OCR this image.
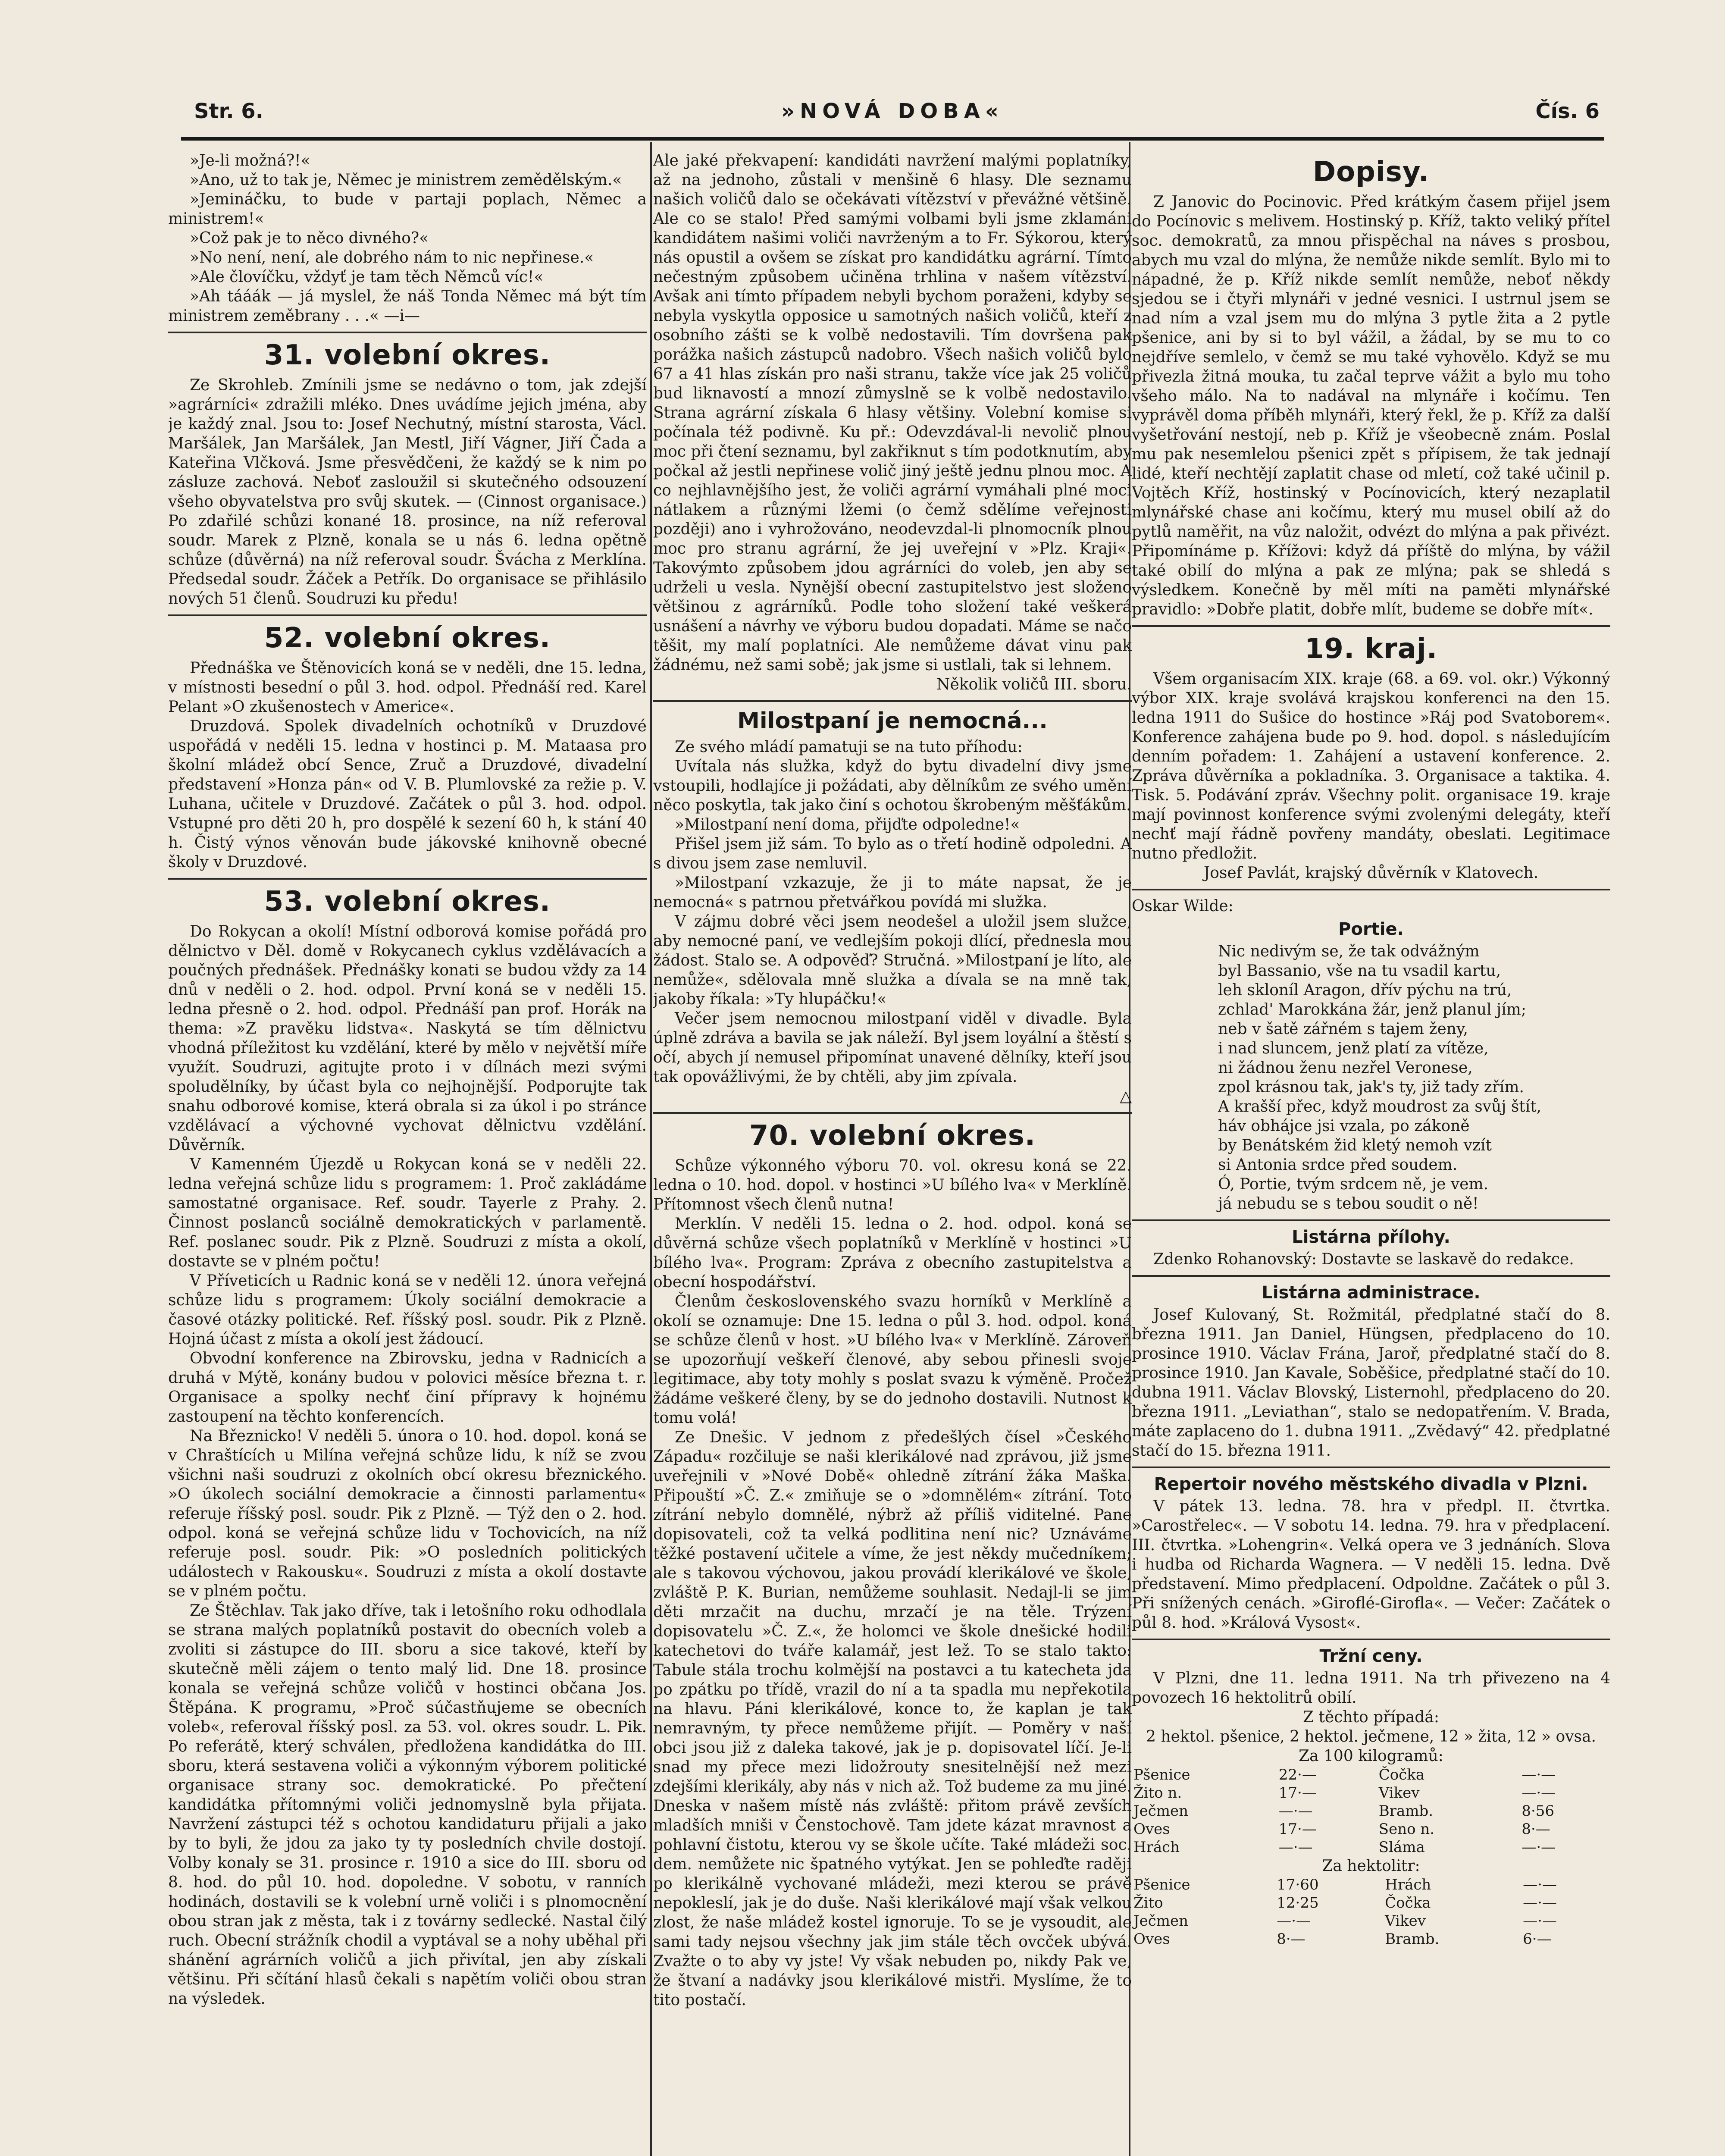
Str. 6.	»NOVÁ DOBA«	Čís. 6

»Je-li možná?!«

»Ano, už to tak je, Němec je ministrem zemědělským.«

»Jemináčku, to bude v partaji poplach, Němec a ministrem!«

»Což pak je to něco divného?«

»No není, není, ale dobrého nám to nic nepřinese.«

»Ale človíčku, vždyť je tam těch Němců víc!«

»Ah tááák — já myslel, že náš Tonda Němec má být tím ministrem zeměbrany . . .« —i—

31. volební okres.

Ze Skrohleb. Zmínili jsme se nedávno o tom, jak zdejší »agrárníci« zdražili mléko. Dnes uvádíme jejich jména, aby je každý znal. Jsou to: Josef Nechutný, místní starosta, Václ. Maršálek, Jan Maršálek, Jan Mestl, Jiří Vágner, Jiří Čada a Kateřina Vlčková. Jsme přesvědčeni, že každý se k nim po zásluze zachová. Neboť zasloužil si skutečného odsouzení všeho obyvatelstva pro svůj skutek. — (Cinnost organisace.) Po zdařilé schůzi konané 18. prosince, na níž referoval soudr. Marek z Plzně, konala se u nás 6. ledna opětně schůze (důvěrná) na níž referoval soudr. Švácha z Merklína. Předsedal soudr. Žáček a Petřík. Do organisace se přihlásilo nových 51 členů. Soudruzi ku předu!

52. volební okres.

Přednáška ve Štěnovicích koná se v neděli, dne 15. ledna, v místnosti besední o půl 3. hod. odpol. Přednáší red. Karel Pelant »O zkušenostech v Americe«.

Druzdová. Spolek divadelních ochotníků v Druzdové uspořádá v neděli 15. ledna v hostinci p. M. Mataasa pro školní mládež obcí Sence, Zruč a Druzdové, divadelní představení »Honza pán« od V. B. Plumlovské za režie p. V. Luhana, učitele v Druzdové. Začátek o půl 3. hod. odpol. Vstupné pro děti 20 h, pro dospělé k sezení 60 h, k stání 40 h. Čistý výnos věnován bude jákovské knihovně obecné školy v Druzdové.

53. volební okres.

Do Rokycan a okolí! Místní odborová komise pořádá pro dělnictvo v Děl. domě v Rokycanech cyklus vzdělávacích a poučných přednášek. Přednášky konati se budou vždy za 14 dnů v neděli o 2. hod. odpol. První koná se v neděli 15. ledna přesně o 2. hod. odpol. Přednáší pan prof. Horák na thema: »Z pravěku lidstva«. Naskytá se tím dělnictvu vhodná příležitost ku vzdělání, které by mělo v největší míře využít. Soudruzi, agitujte proto i v dílnách mezi svými spoludělníky, by účast byla co nejhojnější. Podporujte tak snahu odborové komise, která obrala si za úkol i po stránce vzdělávací a výchovné vychovat dělnictvu vzdělání. Důvěrník.

V Kamenném Újezdě u Rokycan koná se v neděli 22. ledna veřejná schůze lidu s programem: 1. Proč zakládáme samostatné organisace. Ref. soudr. Tayerle z Prahy. 2. Činnost poslanců sociálně demokratických v parlamentě. Ref. poslanec soudr. Pik z Plzně. Soudruzi z místa a okolí, dostavte se v plném počtu!

V Příveticích u Radnic koná se v neděli 12. února veřejná schůze lidu s programem: Úkoly sociální demokracie a časové otázky politické. Ref. říšský posl. soudr. Pik z Plzně. Hojná účast z místa a okolí jest žádoucí.

Obvodní konference na Zbirovsku, jedna v Radnicích a druhá v Mýtě, konány budou v polovici měsíce března t. r. Organisace a spolky nechť činí přípravy k hojnému zastoupení na těchto konferencích.

Na Březnicko! V neděli 5. února o 10. hod. dopol. koná se v Chraštících u Milína veřejná schůze lidu, k níž se zvou všichni naši soudruzi z okolních obcí okresu březnického. »O úkolech sociální demokracie a činnosti parlamentu« referuje říšský posl. soudr. Pik z Plzně. — Týž den o 2. hod. odpol. koná se veřejná schůze lidu v Tochovicích, na níž referuje posl. soudr. Pik: »O posledních politických událostech v Rakousku«. Soudruzi z místa a okolí dostavte se v plném počtu.

Ze Štěchlav. Tak jako dříve, tak i letošního roku odhodlala se strana malých poplatníků postavit do obecních voleb a zvoliti si zástupce do III. sboru a sice takové, kteří by skutečně měli zájem o tento malý lid. Dne 18. prosince konala se veřejná schůze voličů v hostinci občana Jos. Štěpána. K programu, »Proč súčastňujeme se obecních voleb«, referoval říšský posl. za 53. vol. okres soudr. L. Pik. Po referátě, který schválen, předložena kandidátka do III. sboru, která sestavena voliči a výkonným výborem politické organisace strany soc. demokratické. Po přečtení kandidátka přítomnými voliči jednomyslně byla přijata. Navržení zástupci též s ochotou kandidaturu přijali a jako by to byli, že jdou za jako ty ty posledních chvile dostojí. Volby konaly se 31. prosince r. 1910 a sice do III. sboru od 8. hod. do půl 10. hod. dopoledne. V sobotu, v ranních hodinách, dostavili se k volební urně voliči i s plnomocnění obou stran jak z města, tak i z továrny sedlecké. Nastal čilý ruch. Obecní strážník chodil a vyptával se a nohy uběhal při shánění agrárních voličů a jich přivítal, jen aby získali většinu. Při sčítání hlasů čekali s napětím voliči obou stran na výsledek.

Ale jaké překvapení: kandidáti navržení malými poplatníky, až na jednoho, zůstali v menšině 6 hlasy. Dle seznamu našich voličů dalo se očekávati vítězství v převážné většině. Ale co se stalo! Před samými volbami byli jsme zklamáni kandidátem našimi voliči navrženým a to Fr. Sýkorou, který nás opustil a ovšem se získat pro kandidátku agrární. Tímto nečestným způsobem učiněna trhlina v našem vítězství. Avšak ani tímto případem nebyli bychom poraženi, kdyby se nebyla vyskytla opposice u samotných našich voličů, kteří z osobního zášti se k volbě nedostavili. Tím dovršena pak porážka našich zástupců nadobro. Všech našich voličů bylo 67 a 41 hlas získán pro naši stranu, takže více jak 25 voličů bud liknavostí a mnozí zůmyslně se k volbě nedostavilo. Strana agrární získala 6 hlasy většiny. Volební komise si počínala též podivně. Ku př.: Odevzdával-li nevolič plnou moc při čtení seznamu, byl zakřiknut s tím podotknutím, aby počkal až jestli nepřinese volič jiný ještě jednu plnou moc. A co nejhlavnějšího jest, že voliči agrární vymáhali plné moci nátlakem a různými lžemi (o čemž sdělíme veřejnosti později) ano i vyhrožováno, neodevzdal-li plnomocník plnou moc pro stranu agrární, že jej uveřejní v »Plz. Kraji«. Takovýmto způsobem jdou agrárníci do voleb, jen aby se udrželi u vesla. Nynější obecní zastupitelstvo jest složeno většinou z agrárníků. Podle toho složení také veškerá usnášení a návrhy ve výboru budou dopadati. Máme se načo těšit, my malí poplatníci. Ale nemůžeme dávat vinu pak žádnému, než sami sobě; jak jsme si ustlali, tak si lehnem.

Několik voličů III. sboru.

Milostpaní je nemocná...

Ze svého mládí pamatuji se na tuto příhodu:

Uvítala nás služka, když do bytu divadelní divy jsme vstoupili, hodlajíce ji požádati, aby dělníkům ze svého umění něco poskytla, tak jako činí s ochotou škrobeným měšťákům.

»Milostpaní není doma, přijďte odpoledne!«

Přišel jsem již sám. To bylo as o třetí hodině odpoledni. A s divou jsem zase nemluvil.

»Milostpaní vzkazuje, že ji to máte napsat, že je nemocná« s patrnou přetvářkou povídá mi služka.

V zájmu dobré věci jsem neodešel a uložil jsem služce, aby nemocné paní, ve vedlejším pokoji dlící, přednesla mou žádost. Stalo se. A odpověď? Stručná. »Milostpaní je líto, ale nemůže«, sdělovala mně služka a dívala se na mně tak, jakoby říkala: »Ty hlupáčku!«

Večer jsem nemocnou milostpaní viděl v divadle. Byla úplně zdráva a bavila se jak náleží. Byl jsem loyální a štěstí s očí, abych jí nemusel připomínat unavené dělníky, kteří jsou tak opovážlivými, že by chtěli, aby jim zpívala.

△

70. volební okres.

Schůze výkonného výboru 70. vol. okresu koná se 22. ledna o 10. hod. dopol. v hostinci »U bílého lva« v Merklíně. Přítomnost všech členů nutna!

Merklín. V neděli 15. ledna o 2. hod. odpol. koná se důvěrná schůze všech poplatníků v Merklíně v hostinci »U bílého lva«. Program: Zpráva z obecního zastupitelstva a obecní hospodářství.

Členům československého svazu horníků v Merklíně a okolí se oznamuje: Dne 15. ledna o půl 3. hod. odpol. koná se schůze členů v host. »U bílého lva« v Merklíně. Zároveň se upozorňují veškeří členové, aby sebou přinesli svoje legitimace, aby toty mohly s poslat svazu k výměně. Pročež žádáme veškeré členy, by se do jednoho dostavili. Nutnost k tomu volá!

Ze Dnešic. V jednom z předešlých čísel »Českého Západu« rozčiluje se naši klerikálové nad zprávou, již jsme uveřejnili v »Nové Době« ohledně zítrání žáka Maška. Připouští »Č. Z.« zmiňuje se o »domnělém« zítrání. Toto zítrání nebylo domnělé, nýbrž až příliš viditelné. Pane dopisovateli, což ta velká podlitina není nic? Uznáváme těžké postavení učitele a víme, že jest někdy mučedníkem; ale s takovou výchovou, jakou provádí klerikálové ve škole, zvláště P. K. Burian, nemůžeme souhlasit. Nedajl-li se jim děti mrzačit na duchu, mrzačí je na těle. Trýzení dopisovatelu »Č. Z.«, že holomci ve škole dnešické hodili katechetovi do tváře kalamář, jest lež. To se stalo takto: Tabule stála trochu kolmější na postavci a tu katecheta jda po zpátku po třídě, vrazil do ní a ta spadla mu nepřekotila na hlavu. Páni klerikálové, konce to, že kaplan je tak nemravným, ty přece nemůžeme přijít. — Poměry v naší obci jsou již z daleka takové, jak je p. dopisovatel líčí. Je-li snad my přece mezi lidožrouty snesitelnější než mezi zdejšími klerikály, aby nás v nich až. Tož budeme za mu jiné. Dneska v našem místě nás zvláště: přitom právě zevších mladších mniši v Čenstochově. Tam jdete kázat mravnost a pohlavní čistotu, kterou vy se škole učíte. Také mládeži soc. dem. nemůžete nic špatného vytýkat. Jen se pohleďte raději po klerikálně vychované mládeži, mezi kterou se právě nepokleslí, jak je do duše. Naši klerikálové mají však velkou zlost, že naše mládež kostel ignoruje. To se je vysoudit, ale sami tady nejsou všechny jak jim stále těch ovcček ubývá. Zvažte o to aby vy jste! Vy však nebuden po, nikdy Pak ve, že štvaní a nadávky jsou klerikálové mistři. Myslíme, že to tito postačí.

Dopisy.

Z Janovic do Pocinovic. Před krátkým časem přijel jsem do Pocínovic s melivem. Hostinský p. Kříž, takto veliký přítel soc. demokratů, za mnou přispěchal na náves s prosbou, abych mu vzal do mlýna, že nemůže nikde semlít. Bylo mi to nápadné, že p. Kříž nikde semlít nemůže, neboť někdy sjedou se i čtyři mlynáři v jedné vesnici. I ustrnul jsem se nad ním a vzal jsem mu do mlýna 3 pytle žita a 2 pytle pšenice, ani by si to byl vážil, a žádal, by se mu to co nejdříve semlelo, v čemž se mu také vyhovělo. Když se mu přivezla žitná mouka, tu začal teprve vážit a bylo mu toho všeho málo. Na to nadával na mlynáře i kočímu. Ten vyprávěl doma příběh mlynáři, který řekl, že p. Kříž za další vyšetřování nestojí, neb p. Kříž je všeobecně znám. Poslal mu pak nesemlelou pšenici zpět s přípisem, že tak jednají lidé, kteří nechtějí zaplatit chase od mletí, což také učinil p. Vojtěch Kříž, hostinský v Pocínovicích, který nezaplatil mlynářské chase ani kočímu, který mu musel obilí až do pytlů naměřit, na vůz naložit, odvézt do mlýna a pak přivézt. Připomínáme p. Křížovi: když dá příště do mlýna, by vážil také obilí do mlýna a pak ze mlýna; pak se shledá s výsledkem. Konečně by měl míti na paměti mlynářské pravidlo: »Dobře platit, dobře mlít, budeme se dobře mít«.

19. kraj.

Všem organisacím XIX. kraje (68. a 69. vol. okr.) Výkonný výbor XIX. kraje svolává krajskou konferenci na den 15. ledna 1911 do Sušice do hostince »Ráj pod Svatoborem«. Konference zahájena bude po 9. hod. dopol. s následujícím denním pořadem: 1. Zahájení a ustavení konference. 2. Zpráva důvěrníka a pokladníka. 3. Organisace a taktika. 4. Tisk. 5. Podávání zpráv. Všechny polit. organisace 19. kraje mají povinnost konference svými zvolenými delegáty, kteří nechť mají řádně povřeny mandáty, obeslati. Legitimace nutno předložit.

Josef Pavlát, krajský důvěrník v Klatovech.

Oskar Wilde:

Portie.

Nic nedivým se, že tak odvážným

byl Bassanio, vše na tu vsadil kartu,

leh skloníl Aragon, dřív pýchu na trú,

zchlad' Marokkána žár, jenž planul jím;

neb v šatě zářném s tajem ženy,

i nad sluncem, jenž platí za vítěze,

ni žádnou ženu nezřel Veronese,

zpol krásnou tak, jak's ty, již tady zřím.

A krašší přec, když moudrost za svůj štít,

háv obhájce jsi vzala, po zákoně

by Benátském žid kletý nemoh vzít

si Antonia srdce před soudem.

Ó, Portie, tvým srdcem ně, je vem.

já nebudu se s tebou soudit o ně!

Listárna přílohy.

Zdenko Rohanovský: Dostavte se laskavě do redakce.

Listárna administrace.

Josef Kulovaný, St. Rožmitál, předplatné stačí do 8. března 1911. Jan Daniel, Hüngsen, předplaceno do 10. prosince 1910. Václav Frána, Jaroř, předplatné stačí do 8. prosince 1910. Jan Kavale, Soběšice, předplatné stačí do 10. dubna 1911. Václav Blovský, Listernohl, předplaceno do 20. března 1911. „Leviathan“, stalo se nedopatřením. V. Brada, máte zaplaceno do 1. dubna 1911. „Zvědavý“ 42. předplatné stačí do 15. března 1911.

Repertoir nového městského divadla v Plzni.

V pátek 13. ledna. 78. hra v předpl. II. čtvrtka. »Carostřelec«. — V sobotu 14. ledna. 79. hra v předplacení. III. čtvrtka. »Lohengrin«. Velká opera ve 3 jednáních. Slova i hudba od Richarda Wagnera. — V neděli 15. ledna. Dvě představení. Mimo předplacení. Odpoldne. Začátek o půl 3. Při snížených cenách. »Giroflé-Girofla«. — Večer: Začátek o půl 8. hod. »Králová Vysost«.

Tržní ceny.

V Plzni, dne 11. ledna 1911. Na trh přivezeno na 4 povozech 16 hektolitrů obilí.

Z těchto případá:

2 hektol. pšenice, 2 hektol. ječmene, 12 » žita, 12 » ovsa.

Za 100 kilogramů:

Pšenice	22·—	Čočka	—·—
Žito n.	17·—	Vikev	—·—
Ječmen	—·—	Bramb.	8·56
Oves	17·—	Seno n.	8·—
Hrách	—·—	Sláma	—·—

Za hektolitr:

Pšenice	17·60	Hrách	—·—
Žito	12·25	Čočka	—·—
Ječmen	—·—	Vikev	—·—
Oves	8·—	Bramb.	6·—
